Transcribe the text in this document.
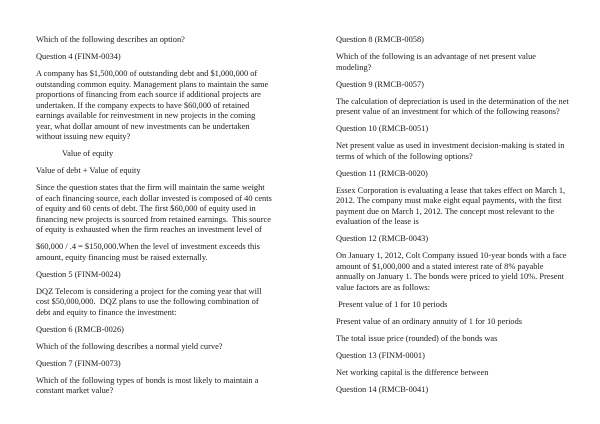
Which of the following describes an option?
Question 4 (FINM-0034)
A company has $1,500,000 of outstanding debt and $1,000,000 of
outstanding common equity. Management plans to maintain the same
proportions of financing from each source if additional projects are
undertaken. If the company expects to have $60,000 of retained
earnings available for reinvestment in new projects in the coming
year, what dollar amount of new investments can be undertaken
without issuing new equity?
Value of equity
Value of debt + Value of equity
Since the question states that the firm will maintain the same weight
of each financing source, each dollar invested is composed of 40 cents
of equity and 60 cents of debt. The first $60,000 of equity used in
financing new projects is sourced from retained earnings.  This source
of equity is exhausted when the firm reaches an investment level of
$60,000 / .4 = $150,000.When the level of investment exceeds this
amount, equity financing must be raised externally.
Question 5 (FINM-0024)
DQZ Telecom is considering a project for the coming year that will
cost $50,000,000.  DQZ plans to use the following combination of
debt and equity to finance the investment:
Question 6 (RMCB-0026)
Which of the following describes a normal yield curve?
Question 7 (FINM-0073)
Which of the following types of bonds is most likely to maintain a
constant market value?
Question 8 (RMCB-0058)
Which of the following is an advantage of net present value
modeling?
Question 9 (RMCB-0057)
The calculation of depreciation is used in the determination of the net
present value of an investment for which of the following reasons?
Question 10 (RMCB-0051)
Net present value as used in investment decision-making is stated in
terms of which of the following options?
Question 11 (RMCB-0020)
Essex Corporation is evaluating a lease that takes effect on March 1,
2012. The company must make eight equal payments, with the first
payment due on March 1, 2012. The concept most relevant to the
evaluation of the lease is
Question 12 (RMCB-0043)
On January 1, 2012, Colt Company issued 10-year bonds with a face
amount of $1,000,000 and a stated interest rate of 8% payable
annually on January 1. The bonds were priced to yield 10%. Present
value factors are as follows:
Present value of 1 for 10 periods
Present value of an ordinary annuity of 1 for 10 periods
The total issue price (rounded) of the bonds was
Question 13 (FINM-0001)
Net working capital is the difference between
Question 14 (RMCB-0041)
